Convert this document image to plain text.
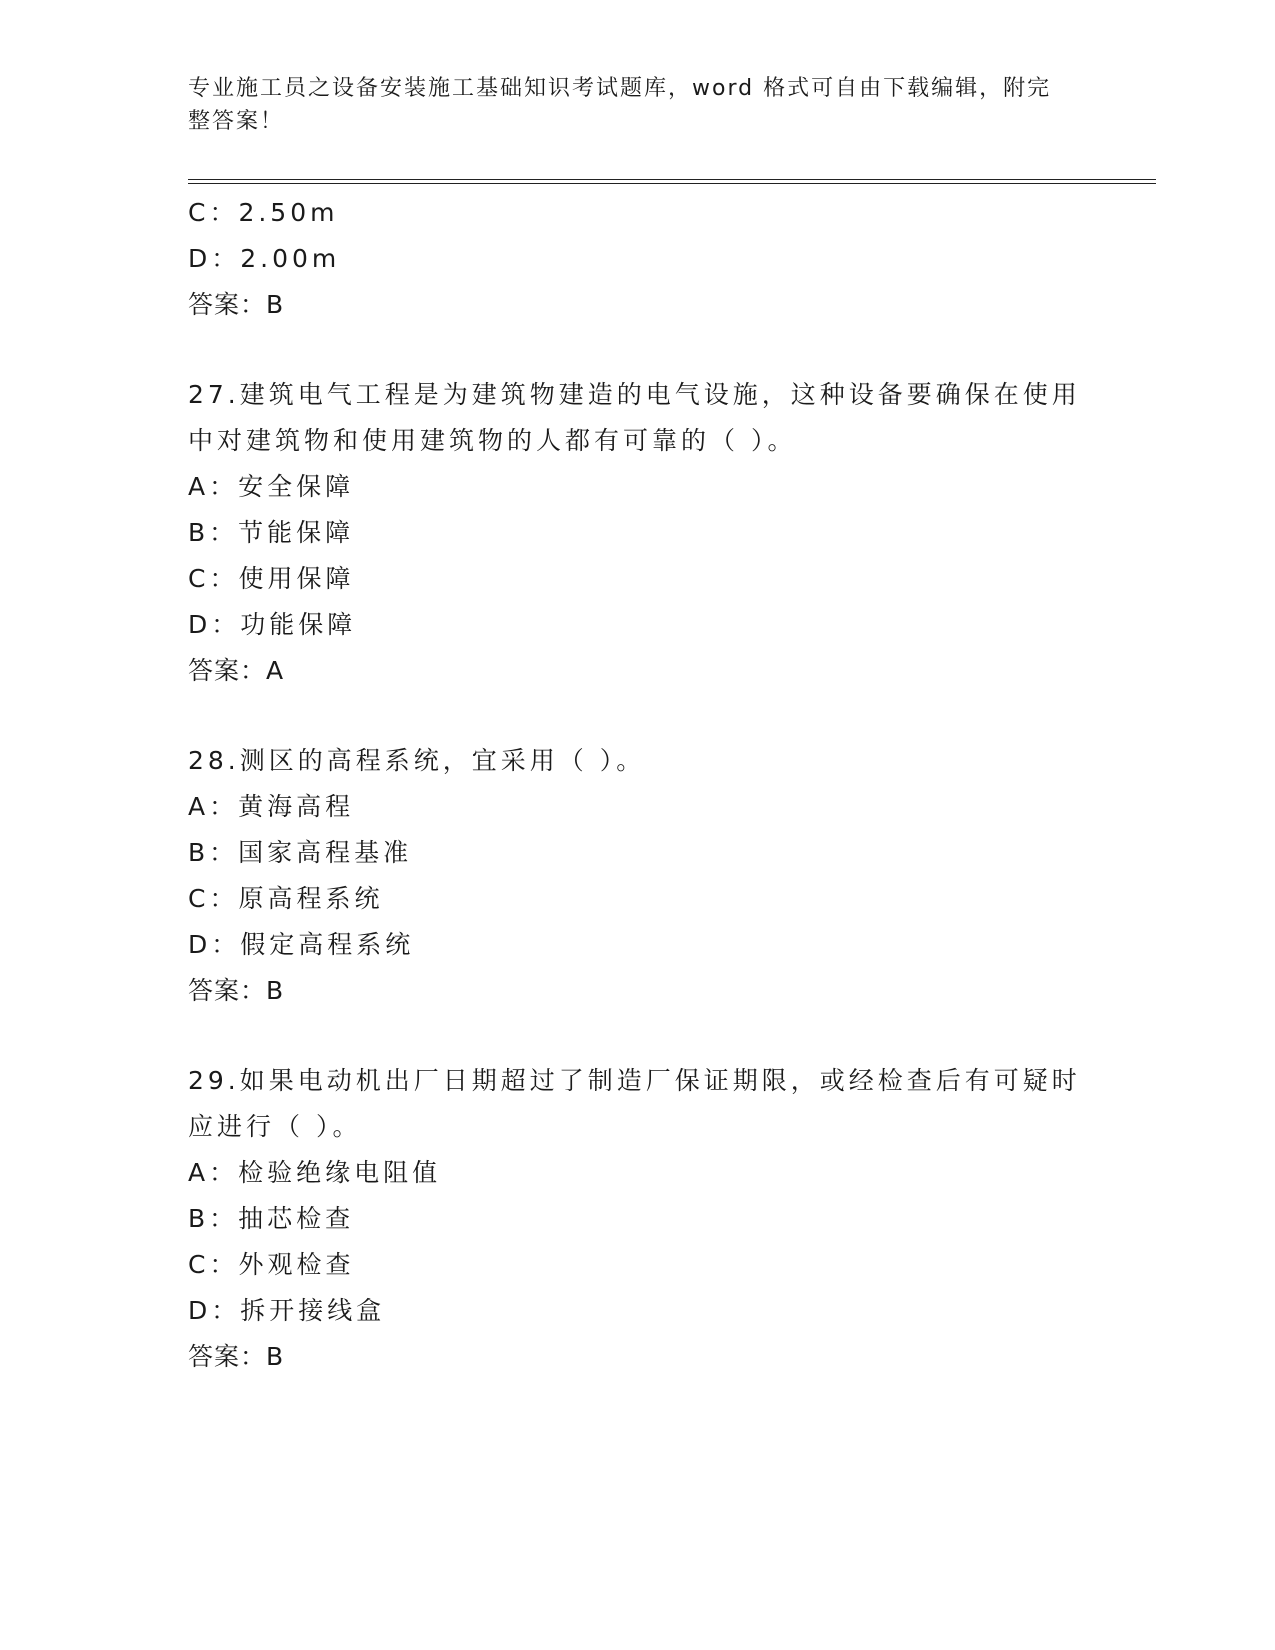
专业施工员之设备安装施工基础知识考试题库，word 格式可自由下载编辑，附完
整答案！
C：2.50m
D：2.00m
答案：B
27.建筑电气工程是为建筑物建造的电气设施，这种设备要确保在使用
中对建筑物和使用建筑物的人都有可靠的（ ）。
A：安全保障
B：节能保障
C：使用保障
D：功能保障
答案：A
28.测区的高程系统，宜采用（ ）。
A：黄海高程
B：国家高程基准
C：原高程系统
D：假定高程系统
答案：B
29.如果电动机出厂日期超过了制造厂保证期限，或经检查后有可疑时
应进行（ ）。
A：检验绝缘电阻值
B：抽芯检查
C：外观检查
D：拆开接线盒
答案：B
